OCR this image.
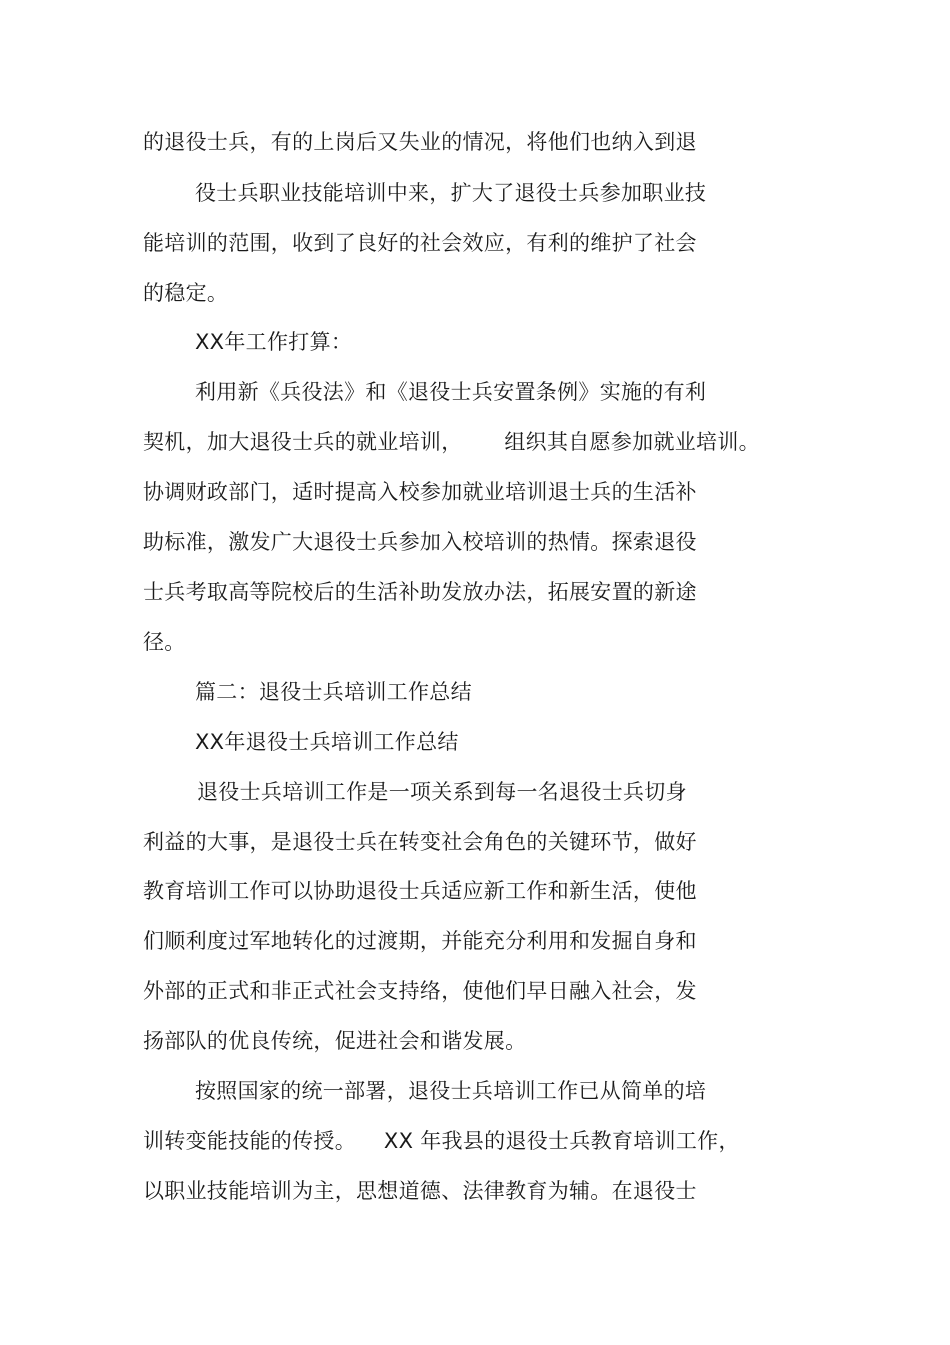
的退役士兵，有的上岗后又失业的情况，将他们也纳入到退
役士兵职业技能培训中来，扩大了退役士兵参加职业技
能培训的范围，收到了良好的社会效应，有利的维护了社会
的稳定。
XX年工作打算：
利用新《兵役法》和《退役士兵安置条例》实施的有利
契机，加大退役士兵的就业培训，      组织其自愿参加就业培训。
协调财政部门，适时提高入校参加就业培训退士兵的生活补
助标准，激发广大退役士兵参加入校培训的热情。探索退役
士兵考取高等院校后的生活补助发放办法，拓展安置的新途
径。
篇二：退役士兵培训工作总结
XX年退役士兵培训工作总结
退役士兵培训工作是一项关系到每一名退役士兵切身
利益的大事，是退役士兵在转变社会角色的关键环节，做好
教育培训工作可以协助退役士兵适应新工作和新生活，使他
们顺利度过军地转化的过渡期，并能充分利用和发掘自身和
外部的正式和非正式社会支持络，使他们早日融入社会，发
扬部队的优良传统，促进社会和谐发展。
按照国家的统一部署，退役士兵培训工作已从简单的培
训转变能技能的传授。    XX 年我县的退役士兵教育培训工作，
以职业技能培训为主，思想道德、法律教育为辅。在退役士
